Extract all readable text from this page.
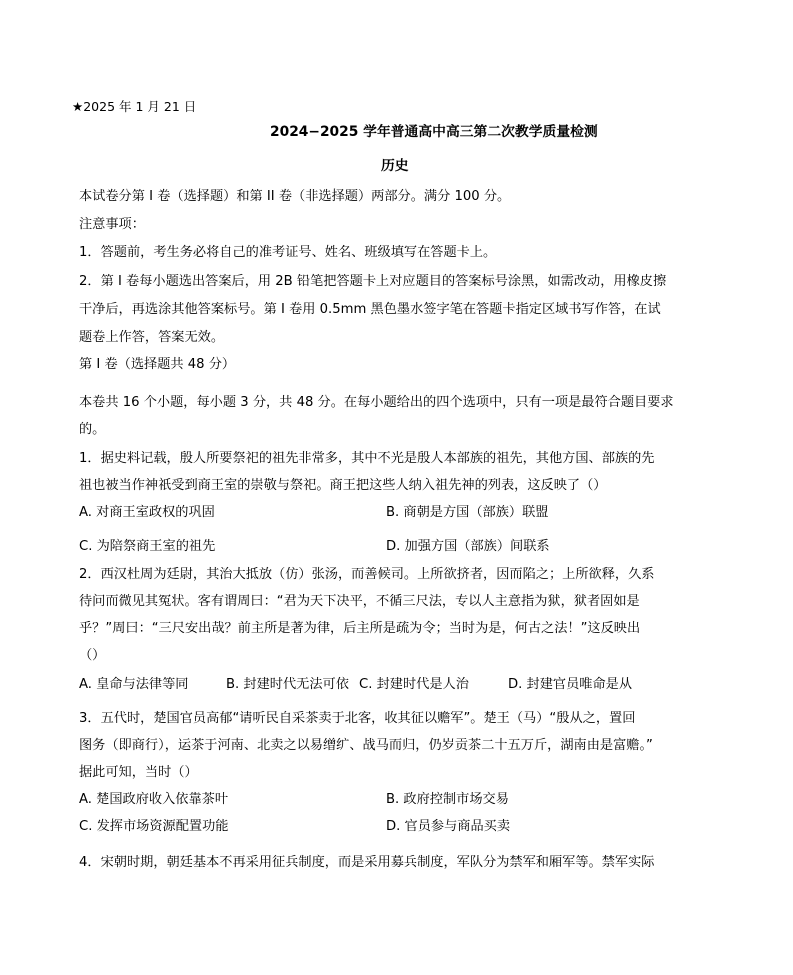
★2025 年 1 月 21 日
2024−2025 学年普通高中高三第二次教学质量检测
历史
本试卷分第 I 卷（选择题）和第 II 卷（非选择题）两部分。满分 100 分。
注意事项：
1．答题前，考生务必将自己的准考证号、姓名、班级填写在答题卡上。
2．第 I 卷每小题选出答案后，用 2B 铅笔把答题卡上对应题目的答案标号涂黑，如需改动，用橡皮擦
干净后，再选涂其他答案标号。第 I 卷用 0.5mm 黑色墨水签字笔在答题卡指定区域书写作答，在试
题卷上作答，答案无效。
第 I 卷（选择题共 48 分）
本卷共 16 个小题，每小题 3 分，共 48 分。在每小题给出的四个选项中，只有一项是最符合题目要求
的。
1．据史料记载，殷人所要祭祀的祖先非常多，其中不光是殷人本部族的祖先，其他方国、部族的先
祖也被当作神祇受到商王室的崇敬与祭祀。商王把这些人纳入祖先神的列表，这反映了（）
A. 对商王室政权的巩固	B. 商朝是方国（部族）联盟
C. 为陪祭商王室的祖先	D. 加强方国（部族）间联系
2．西汉杜周为廷尉，其治大抵放（仿）张汤，而善候司。上所欲挤者，因而陷之；上所欲释，久系
待问而微见其冤状。客有谓周曰：“君为天下决平，不循三尺法，专以人主意指为狱，狱者固如是
乎？”周曰：“三尺安出哉？前主所是著为律，后主所是疏为令；当时为是，何古之法！”这反映出
（）
A. 皇命与法律等同	B. 封建时代无法可依 C. 封建时代是人治	D. 封建官员唯命是从
3．五代时，楚国官员高郁“请听民自采茶卖于北客，收其征以赡军”。楚王（马）“殷从之，置回
图务（即商行），运茶于河南、北卖之以易缯纩、战马而归，仍岁贡茶二十五万斤，湖南由是富赡。”
据此可知，当时（）
A. 楚国政府收入依靠茶叶	B. 政府控制市场交易
C. 发挥市场资源配置功能	D. 官员参与商品买卖
4．宋朝时期，朝廷基本不再采用征兵制度，而是采用募兵制度，军队分为禁军和厢军等。禁军实际
